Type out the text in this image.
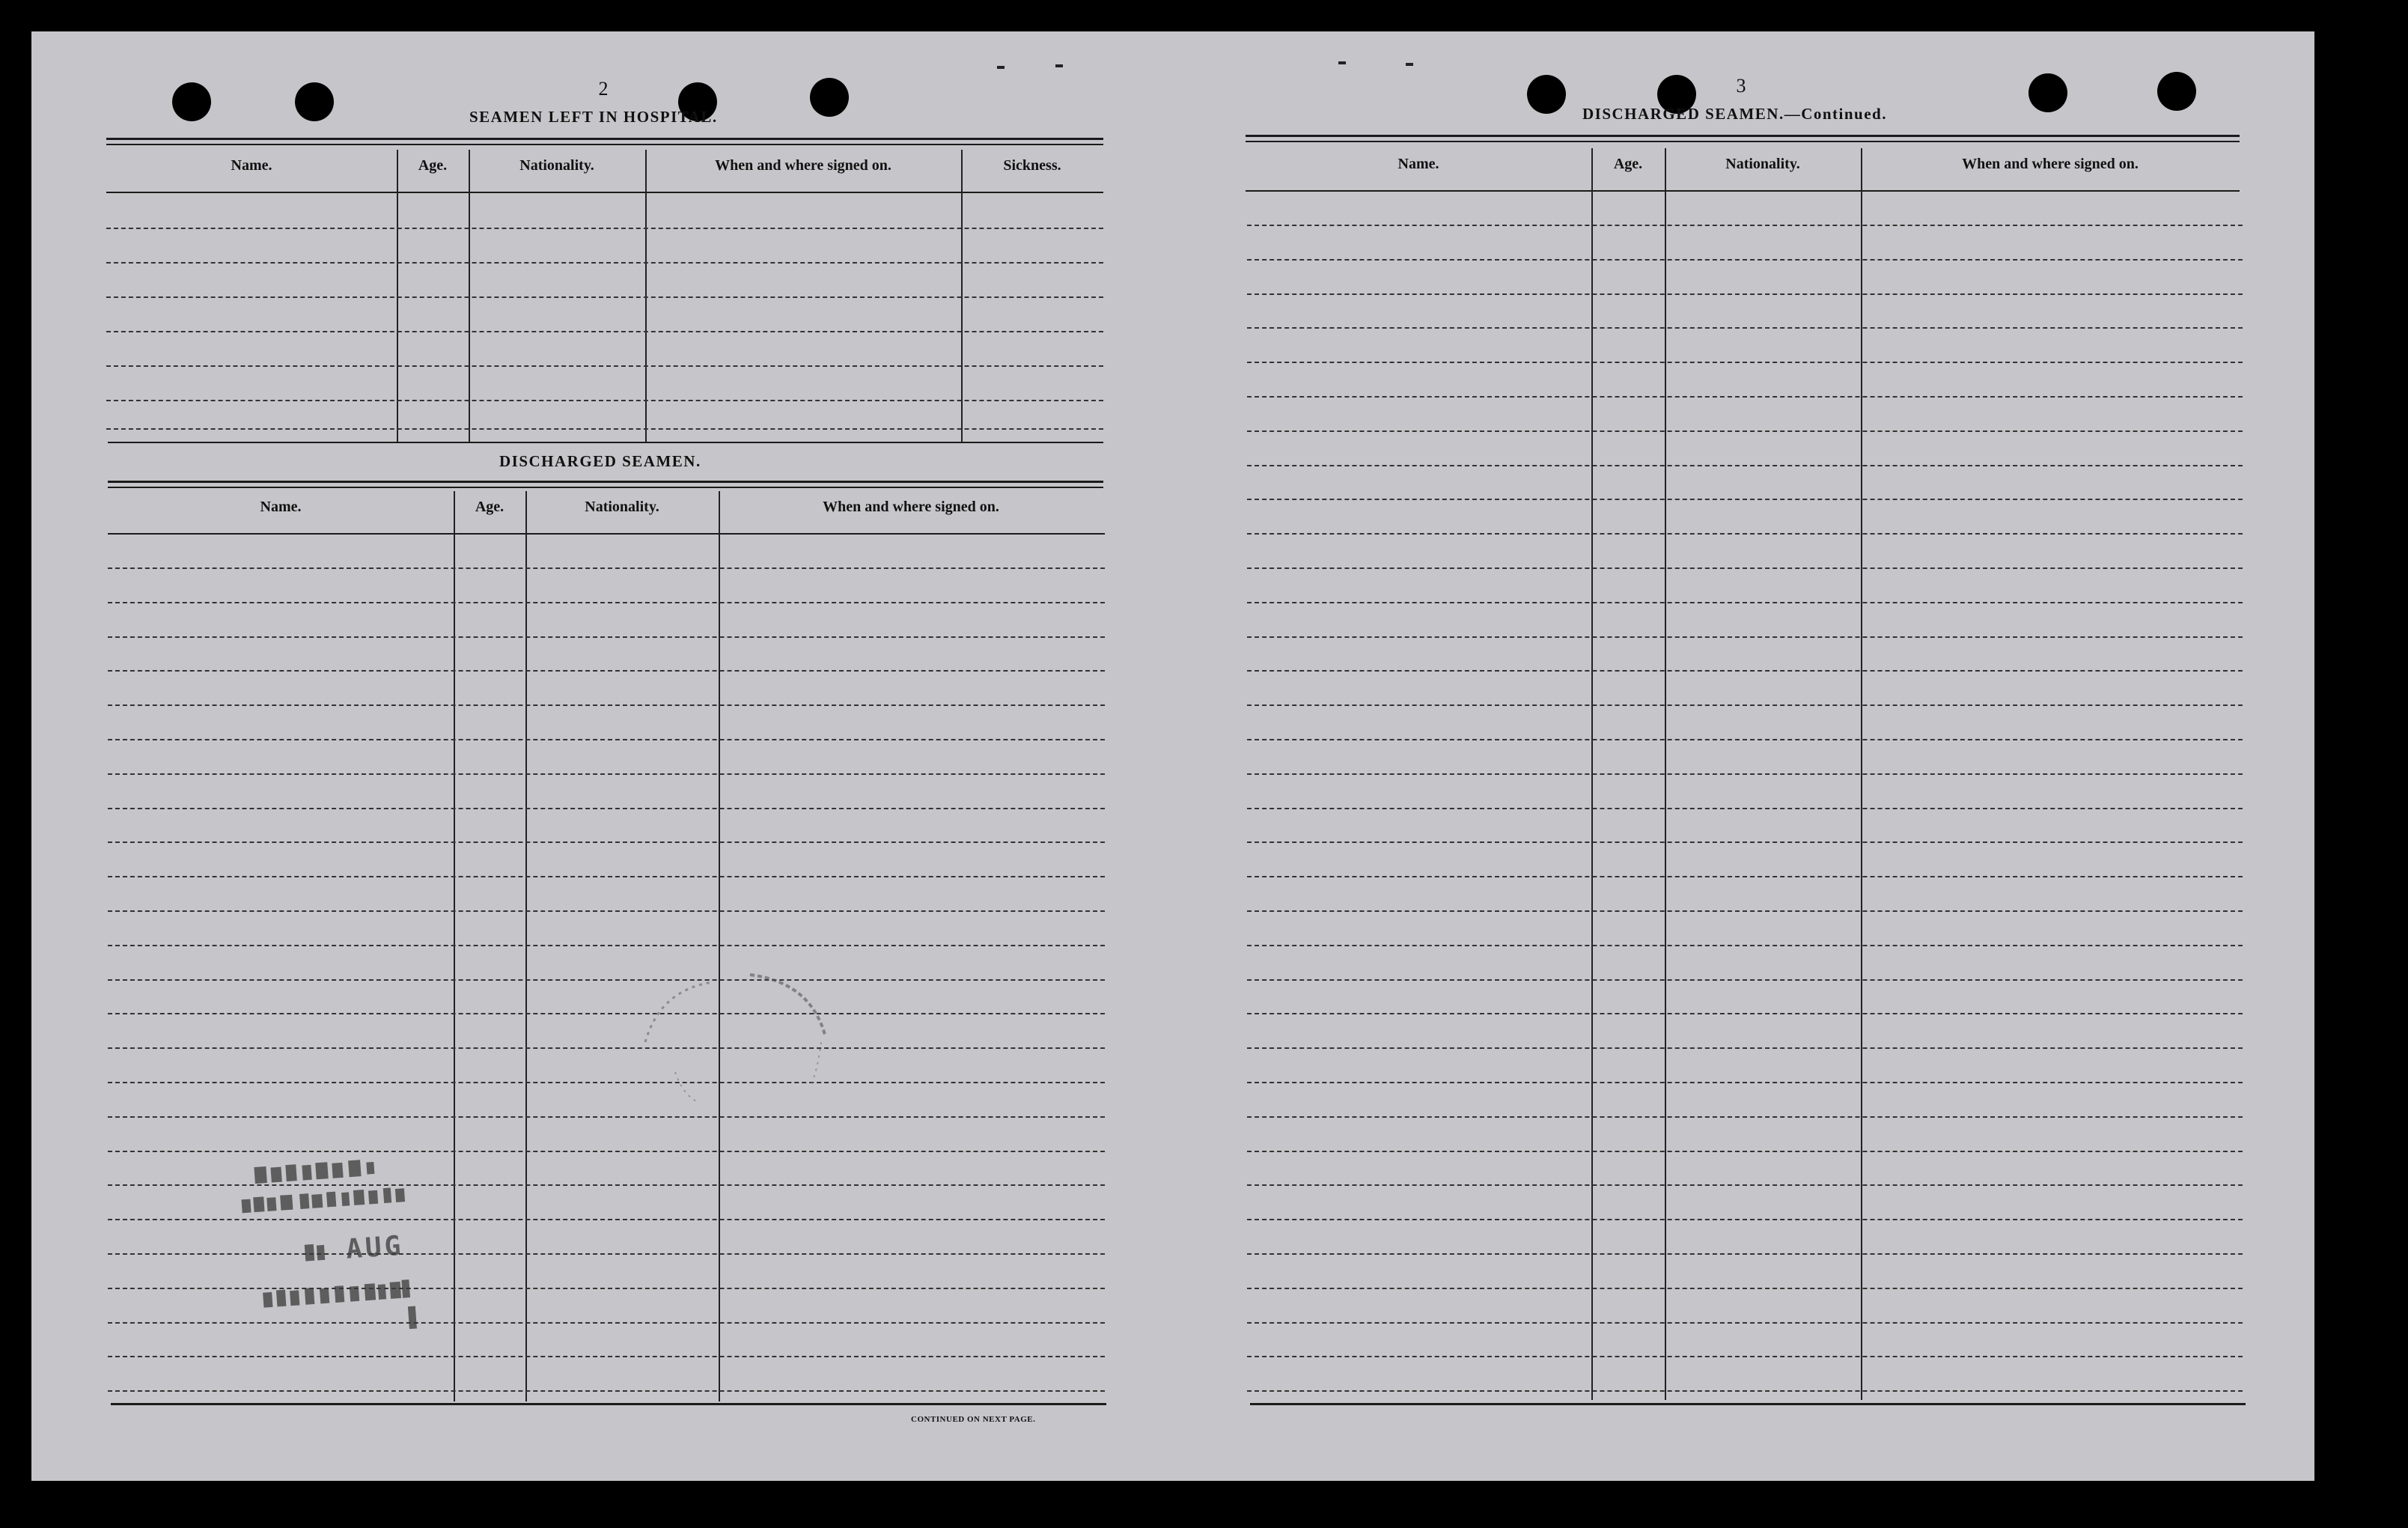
2
SEAMEN LEFT IN HOSPITAL.
Name.	Age.	Nationality.	When and where signed on.	Sickness.
DISCHARGED SEAMEN.
Name.	Age.	Nationality.	When and where signed on.
CONTINUED ON NEXT PAGE.
AUG
3
DISCHARGED SEAMEN.—Continued.
Name.	Age.	Nationality.	When and where signed on.
